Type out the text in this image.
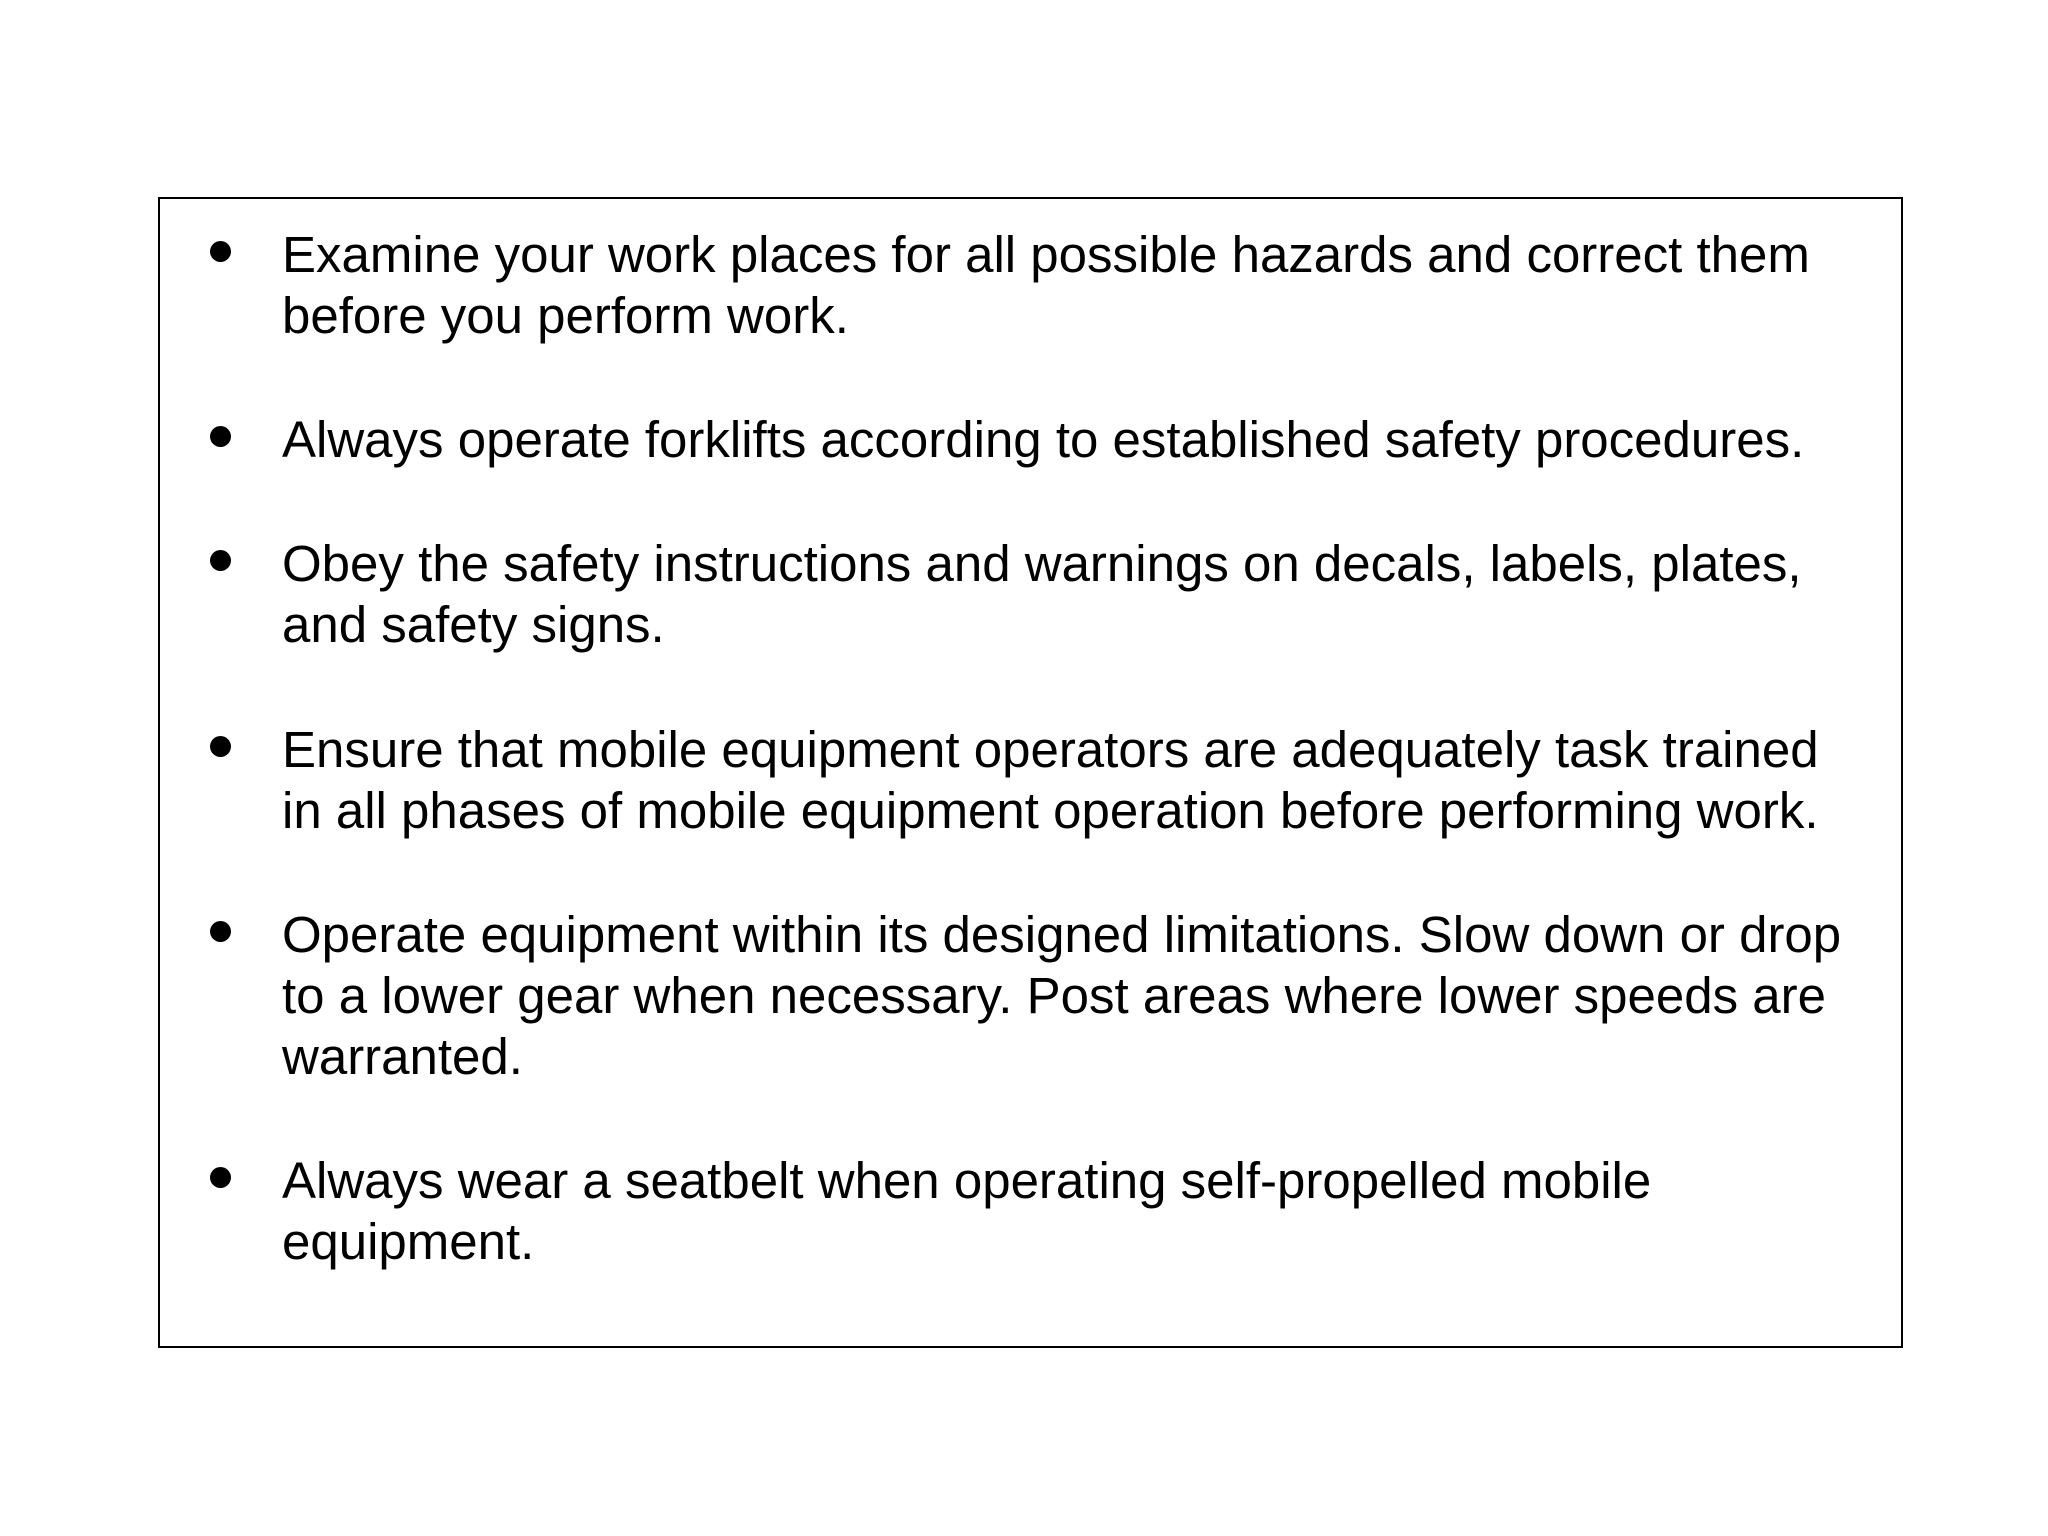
Examine your work places for all possible hazards and correct them
before you perform work.
Always operate forklifts according to established safety procedures.
Obey the safety instructions and warnings on decals, labels, plates,
and safety signs.
Ensure that mobile equipment operators are adequately task trained
in all phases of mobile equipment operation before performing work.
Operate equipment within its designed limitations. Slow down or drop
to a lower gear when necessary. Post areas where lower speeds are
warranted.
Always wear a seatbelt when operating self-propelled mobile
equipment.
